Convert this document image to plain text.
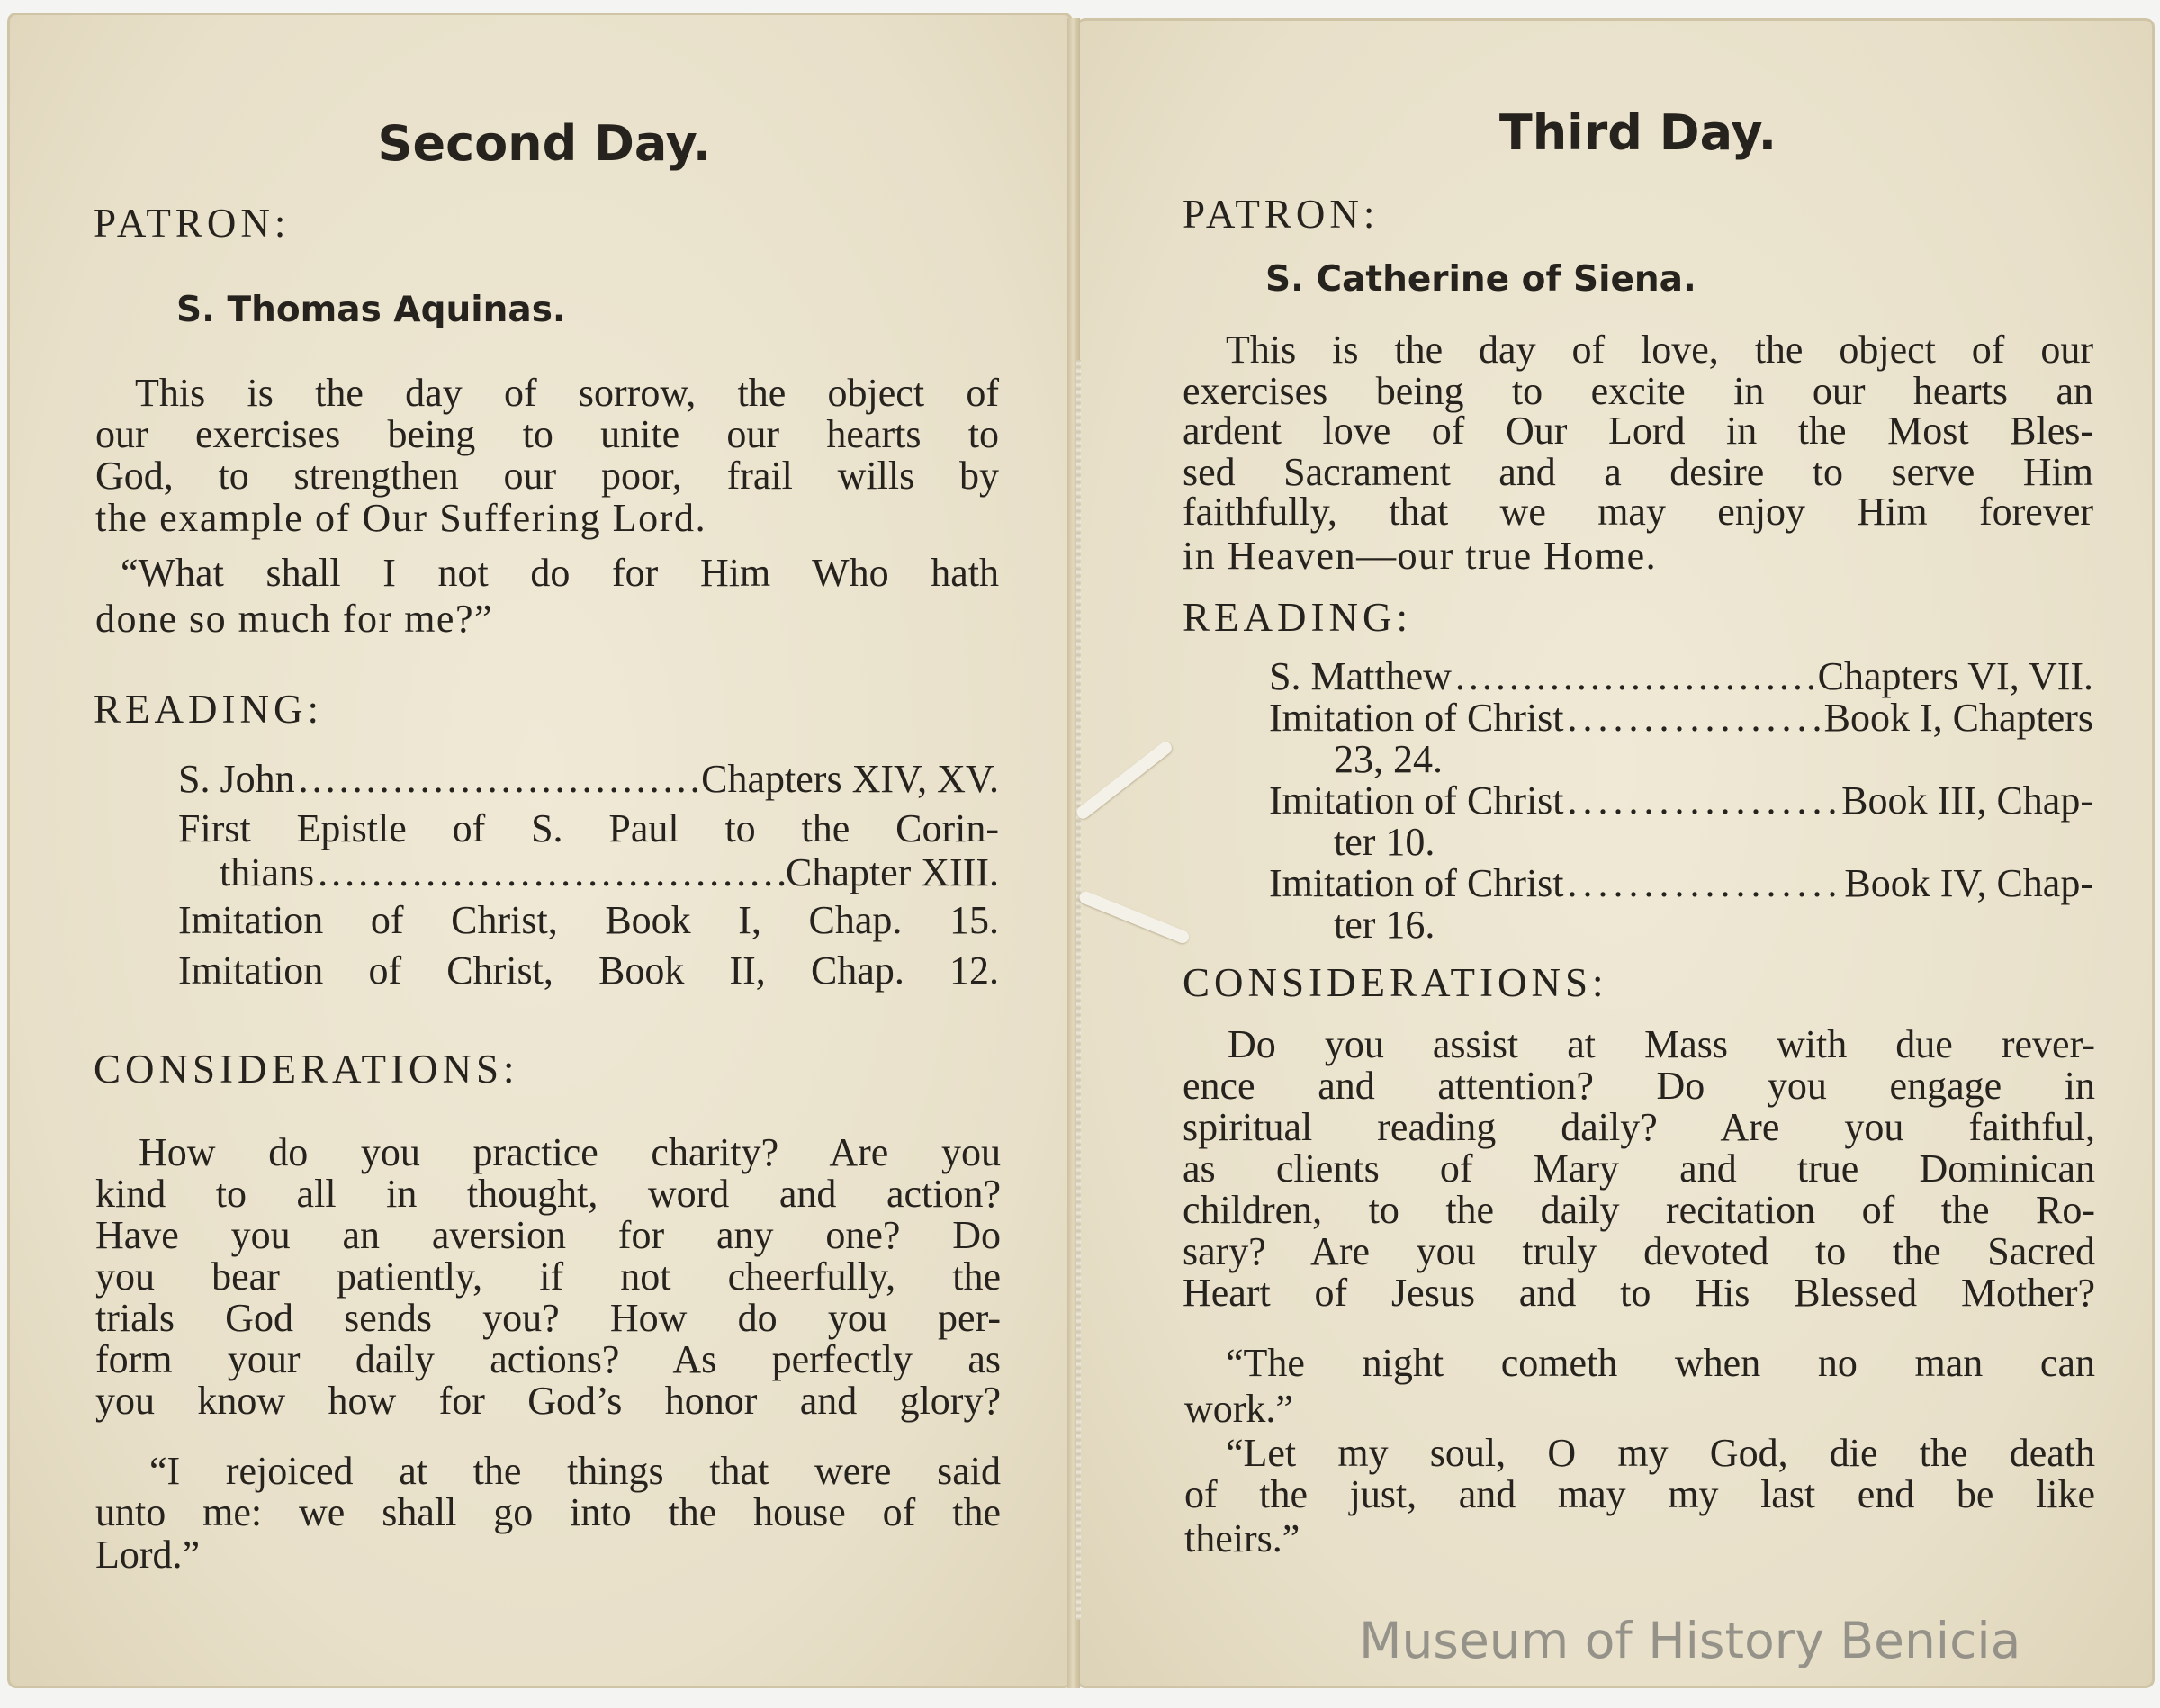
Second Day.

PATRON:

S. Thomas Aquinas.

This is the day of sorrow, the object of

our exercises being to unite our hearts to

God, to strengthen our poor, frail wills by

the example of Our Suffering Lord.

“What shall I not do for Him Who hath

done so much for me?”

READING:

S. John .....	Chapters XIV, XV.

First Epistle of S. Paul to the Corin-

thians .....	Chapter XIII.

Imitation of Christ, Book I, Chap. 15.

Imitation of Christ, Book II, Chap. 12.

CONSIDERATIONS:

How do you practice charity? Are you

kind to all in thought, word and action?

Have you an aversion for any one? Do

you bear patiently, if not cheerfully, the

trials God sends you? How do you per-

form your daily actions? As perfectly as

you know how for God’s honor and glory?

“I rejoiced at the things that were said

unto me: we shall go into the house of the

Lord.”

Third Day.

PATRON:

S. Catherine of Siena.

This is the day of love, the object of our

exercises being to excite in our hearts an

ardent love of Our Lord in the Most Bles-

sed Sacrament and a desire to serve Him

faithfully, that we may enjoy Him forever

in Heaven—our true Home.

READING:

S. Matthew .....	Chapters VI, VII.
Imitation of Christ .....	Book I, Chapters

23, 24.

Imitation of Christ .....	Book III, Chap-

ter 10.

Imitation of Christ .....	Book IV, Chap-

ter 16.

CONSIDERATIONS:

Do you assist at Mass with due rever-

ence and attention? Do you engage in

spiritual reading daily? Are you faithful,

as clients of Mary and true Dominican

children, to the daily recitation of the Ro-

sary? Are you truly devoted to the Sacred

Heart of Jesus and to His Blessed Mother?

“The night cometh when no man can

work.”

“Let my soul, O my God, die the death

of the just, and may my last end be like

theirs.”

Museum of History Benicia
